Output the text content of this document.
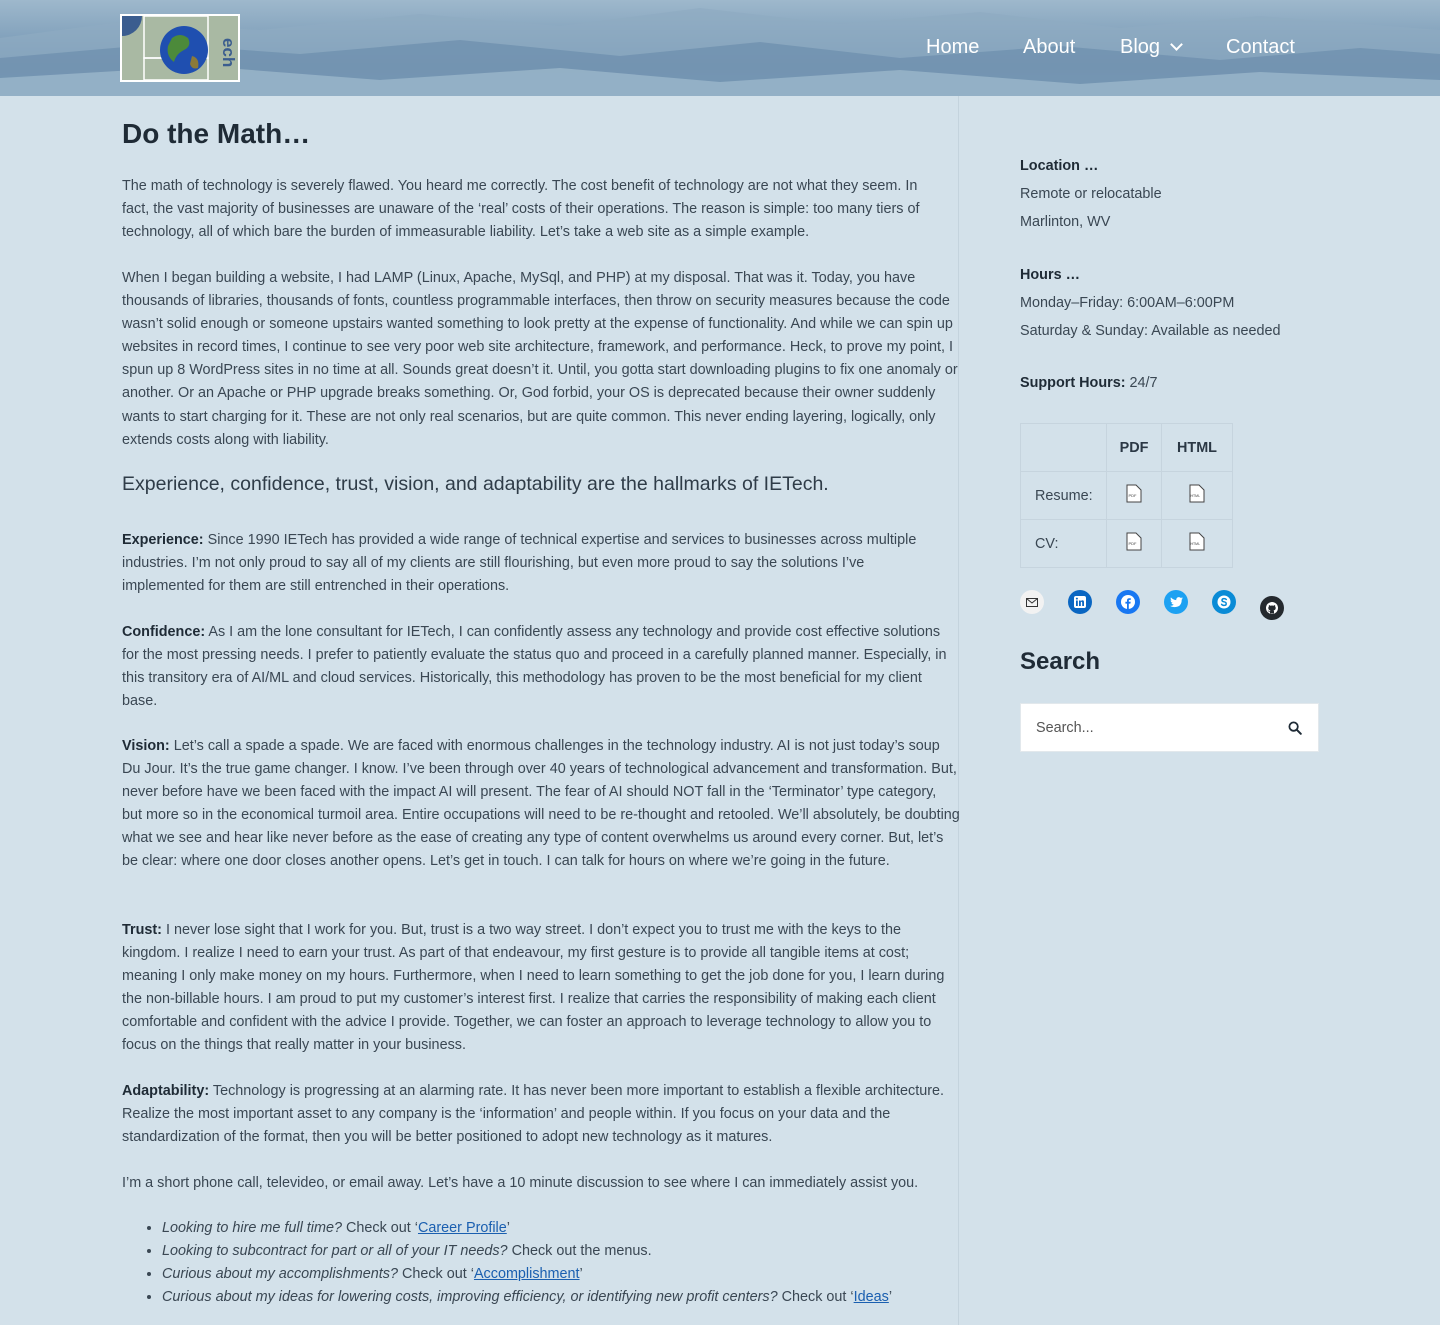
ech	Home About Blog	Contact
Do the Math…

The math of technology is severely flawed. You heard me correctly. The cost benefit of technology are not what they seem. In fact, the vast majority of businesses are unaware of the ‘real’ costs of their operations. The reason is simple: too many tiers of technology, all of which bare the burden of immeasurable liability. Let’s take a web site as a simple example.

When I began building a website, I had LAMP (Linux, Apache, MySql, and PHP) at my disposal. That was it. Today, you have thousands of libraries, thousands of fonts, countless programmable interfaces, then throw on security measures because the code wasn’t solid enough or someone upstairs wanted something to look pretty at the expense of functionality. And while we can spin up websites in record times, I continue to see very poor web site architecture, framework, and performance. Heck, to prove my point, I spun up 8 WordPress sites in no time at all. Sounds great doesn’t it. Until, you gotta start downloading plugins to fix one anomaly or another. Or an Apache or PHP upgrade breaks something. Or, God forbid, your OS is deprecated because their owner suddenly wants to start charging for it. These are not only real scenarios, but are quite common. This never ending layering, logically, only extends costs along with liability.

Experience, confidence, trust, vision, and adaptability are the hallmarks of IETech.

Experience: Since 1990 IETech has provided a wide range of technical expertise and services to businesses across multiple industries. I’m not only proud to say all of my clients are still flourishing, but even more proud to say the solutions I’ve implemented for them are still entrenched in their operations.

Confidence: As I am the lone consultant for IETech, I can confidently assess any technology and provide cost effective solutions for the most pressing needs. I prefer to patiently evaluate the status quo and proceed in a carefully planned manner. Especially, in this transitory era of AI/ML and cloud services. Historically, this methodology has proven to be the most beneficial for my client base.

Vision: Let’s call a spade a spade. We are faced with enormous challenges in the technology industry. AI is not just today’s soup Du Jour. It’s the true game changer. I know. I’ve been through over 40 years of technological advancement and transformation. But, never before have we been faced with the impact AI will present. The fear of AI should NOT fall in the ‘Terminator’ type category, but more so in the economical turmoil area. Entire occupations will need to be re-thought and retooled. We’ll absolutely, be doubting what we see and hear like never before as the ease of creating any type of content overwhelms us around every corner. But, let’s be clear: where one door closes another opens. Let’s get in touch. I can talk for hours on where we’re going in the future.

Trust: I never lose sight that I work for you. But, trust is a two way street. I don’t expect you to trust me with the keys to the kingdom. I realize I need to earn your trust. As part of that endeavour, my first gesture is to provide all tangible items at cost; meaning I only make money on my hours. Furthermore, when I need to learn something to get the job done for you, I learn during the non-billable hours. I am proud to put my customer’s interest first. I realize that carries the responsibility of making each client comfortable and confident with the advice I provide. Together, we can foster an approach to leverage technology to allow you to focus on the things that really matter in your business.

Adaptability: Technology is progressing at an alarming rate. It has never been more important to establish a flexible architecture. Realize the most important asset to any company is the ‘information’ and people within. If you focus on your data and the standardization of the format, then you will be better positioned to adopt new technology as it matures.

I’m a short phone call, televideo, or email away. Let’s have a 10 minute discussion to see where I can immediately assist you.

• Looking to hire me full time? Check out ‘Career Profile’
• Looking to subcontract for part or all of your IT needs? Check out the menus.
• Curious about my accomplishments? Check out ‘Accomplishment’
• Curious about my ideas for lowering costs, improving efficiency, or identifying new profit centers? Check out ‘Ideas’
Location …
Remote or relocatable
Marlinton, WV
Hours …
Monday–Friday: 6:00AM–6:00PM
Saturday & Sunday: Available as needed
Support Hours: 24/7
	PDF	HTML
Resume:	PDF	HTML

CV:	PDF	HTML
Search
Search...
